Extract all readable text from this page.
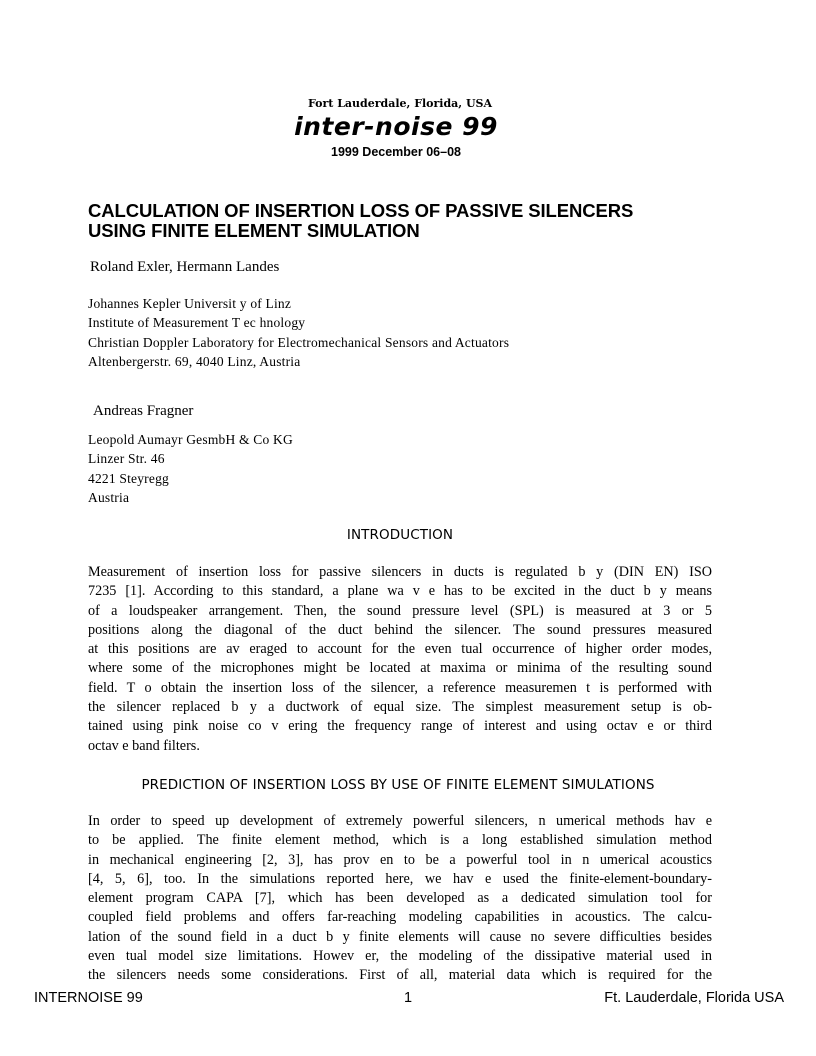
Fort Lauderdale, Florida, USA
inter-noise 99
1999 December 06–08
CALCULATION OF INSERTION LOSS OF PASSIVE SILENCERS
USING FINITE ELEMENT SIMULATION
Roland Exler, Hermann Landes
Johannes Kepler Universit y of Linz
Institute of Measurement T ec hnology
Christian Doppler Laboratory for Electromechanical Sensors and Actuators
Altenbergerstr. 69, 4040 Linz, Austria
Andreas Fragner
Leopold Aumayr GesmbH & Co KG
Linzer Str. 46
4221 Steyregg
Austria
INTRODUCTION
Measurement of insertion loss for passive silencers in ducts is regulated b y (DIN EN) ISO
7235 [1]. According to this standard, a plane wa v e has to be excited in the duct b y means
of a loudspeaker arrangement. Then, the sound pressure level (SPL) is measured at 3 or 5
positions along the diagonal of the duct behind the silencer. The sound pressures measured
at this positions are av eraged to account for the even tual occurrence of higher order modes,
where some of the microphones might be located at maxima or minima of the resulting sound
field. T o obtain the insertion loss of the silencer, a reference measuremen t is performed with
the silencer replaced b y a ductwork of equal size. The simplest measurement setup is ob-
tained using pink noise co v ering the frequency range of interest and using octav e or third
octav e band filters.
PREDICTION OF INSERTION LOSS BY USE OF FINITE ELEMENT SIMULATIONS
In order to speed up development of extremely powerful silencers, n umerical methods hav e
to be applied. The finite element method, which is a long established simulation method
in mechanical engineering [2, 3], has prov en to be a powerful tool in n umerical acoustics
[4, 5, 6], too. In the simulations reported here, we hav e used the finite-element-boundary-
element program CAPA [7], which has been developed as a dedicated simulation tool for
coupled field problems and offers far-reaching modeling capabilities in acoustics. The calcu-
lation of the sound field in a duct b y finite elements will cause no severe difficulties besides
even tual model size limitations. Howev er, the modeling of the dissipative material used in
the silencers needs some considerations. First of all, material data which is required for the
INTERNOISE 99	1	Ft. Lauderdale, Florida USA
